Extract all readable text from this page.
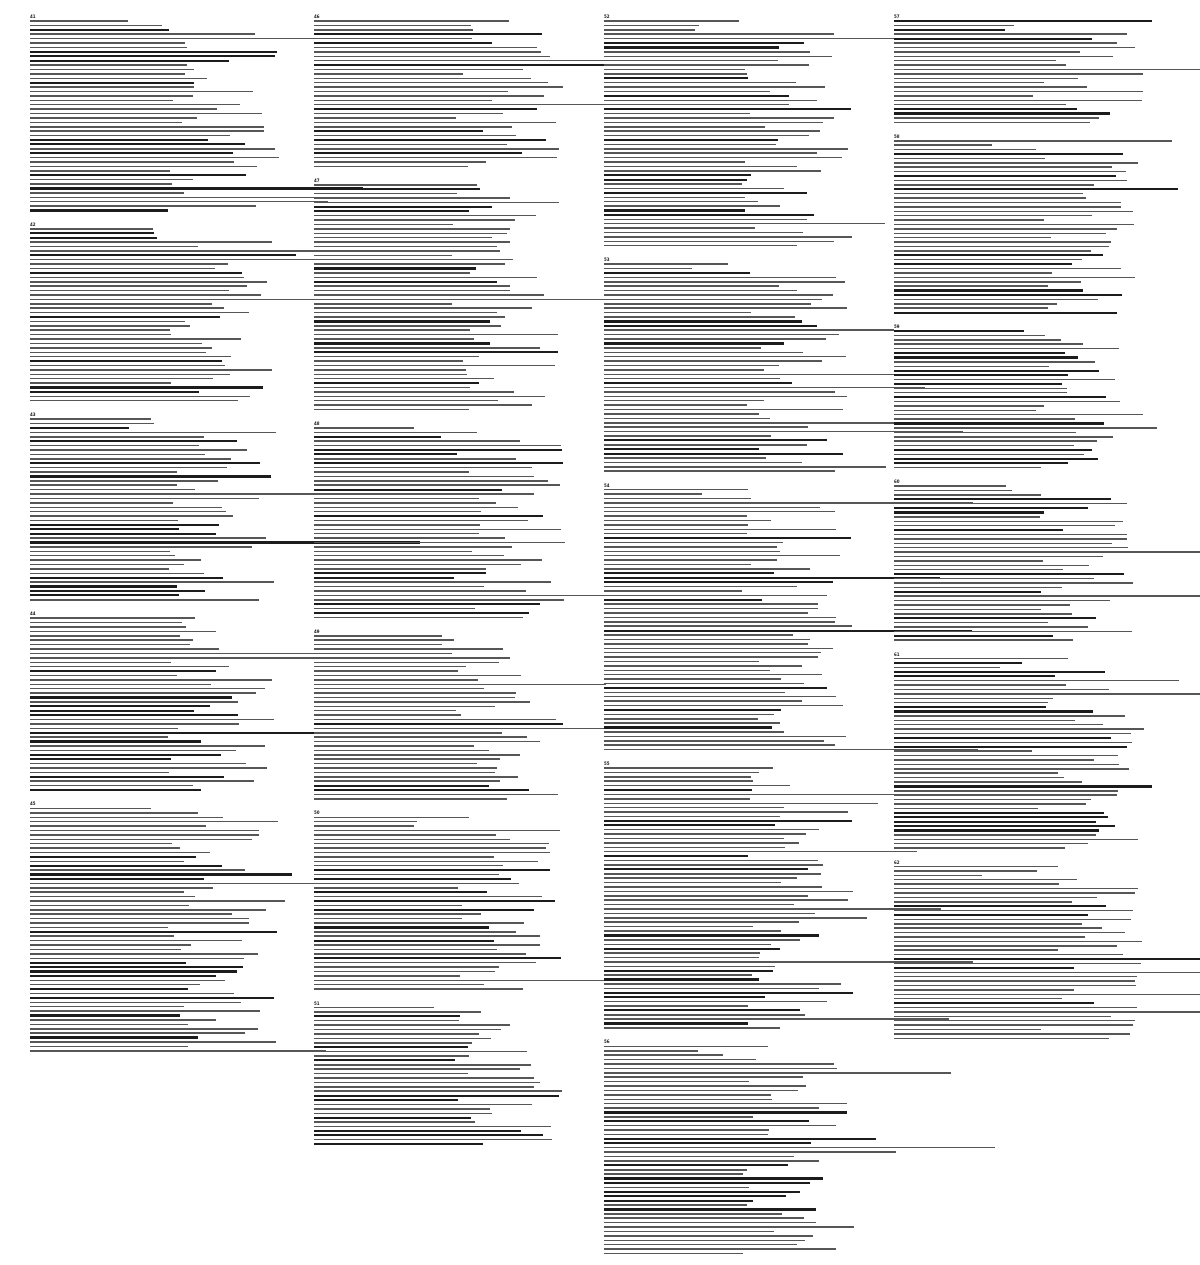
41
42
43
44
45
46
47
48
49
50
51
52
53
54
55
56
57
58
59
60
61
62
